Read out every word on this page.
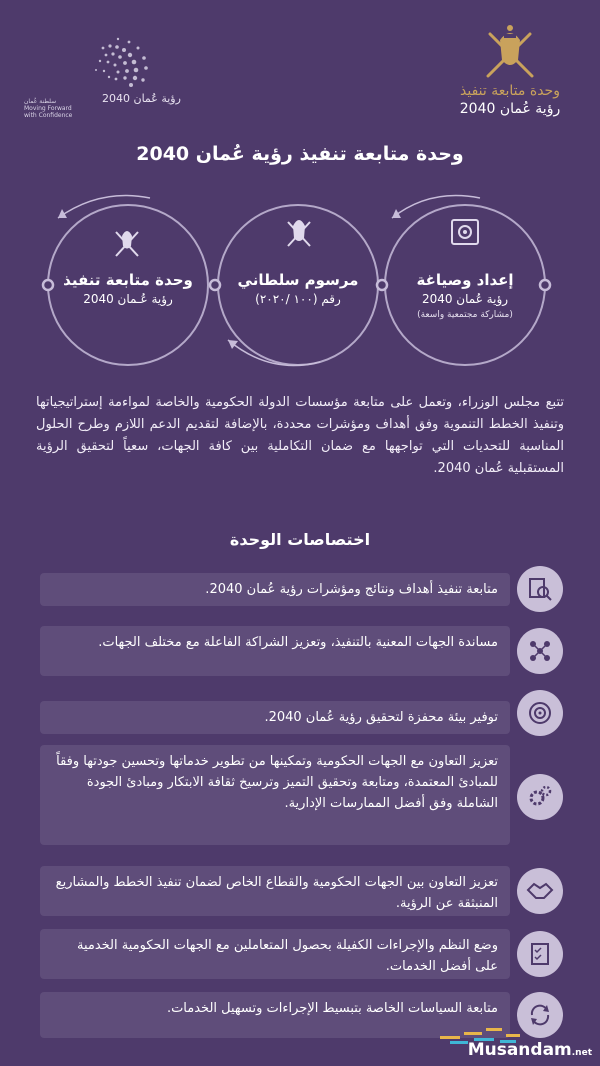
رؤية عُمان 2040
سلطنة عُمان
Moving Forward with Confidence
وحدة متابعة تنفيذ
رؤية عُمان 2040
وحدة متابعة تنفيذ رؤية عُمان 2040
إعداد وصياغة
رؤية عُمان 2040
(مشاركة مجتمعية واسعة)
مرسوم سلطاني
رقم (١٠٠ /٢٠٢٠)
وحدة متابعة تنفيذ
رؤية عُـمان 2040
تتبع مجلس الوزراء، وتعمل على متابعة مؤسسات الدولة الحكومية والخاصة لمواءمة إستراتيجياتها وتنفيذ الخطط التنموية وفق أهداف ومؤشرات محددة، بالإضافة لتقديم الدعم اللازم وطرح الحلول المناسبة للتحديات التي تواجهها مع ضمان التكاملية بين كافة الجهات، سعياً لتحقيق الرؤية المستقبلية عُمان 2040.
اختصاصات الوحدة
متابعة تنفيذ أهداف ونتائج ومؤشرات رؤية عُمان 2040.
مساندة الجهات المعنية بالتنفيذ، وتعزيز الشراكة الفاعلة مع مختلف الجهات.
توفير بيئة محفزة لتحقيق رؤية عُمان 2040.
تعزيز التعاون مع الجهات الحكومية وتمكينها من تطوير خدماتها وتحسين جودتها وفقاً للمبادئ المعتمدة، ومتابعة وتحقيق التميز وترسيخ ثقافة الابتكار ومبادئ الجودة الشاملة وفق أفضل الممارسات الإدارية.
تعزيز التعاون بين الجهات الحكومية والقطاع الخاص لضمان تنفيذ الخطط والمشاريع المنبثقة عن الرؤية.
وضع النظم والإجراءات الكفيلة بحصول المتعاملين مع الجهات الحكومية الخدمية على أفضل الخدمات.
متابعة السياسات الخاصة بتبسيط الإجراءات وتسهيل الخدمات.
Musandam.net
